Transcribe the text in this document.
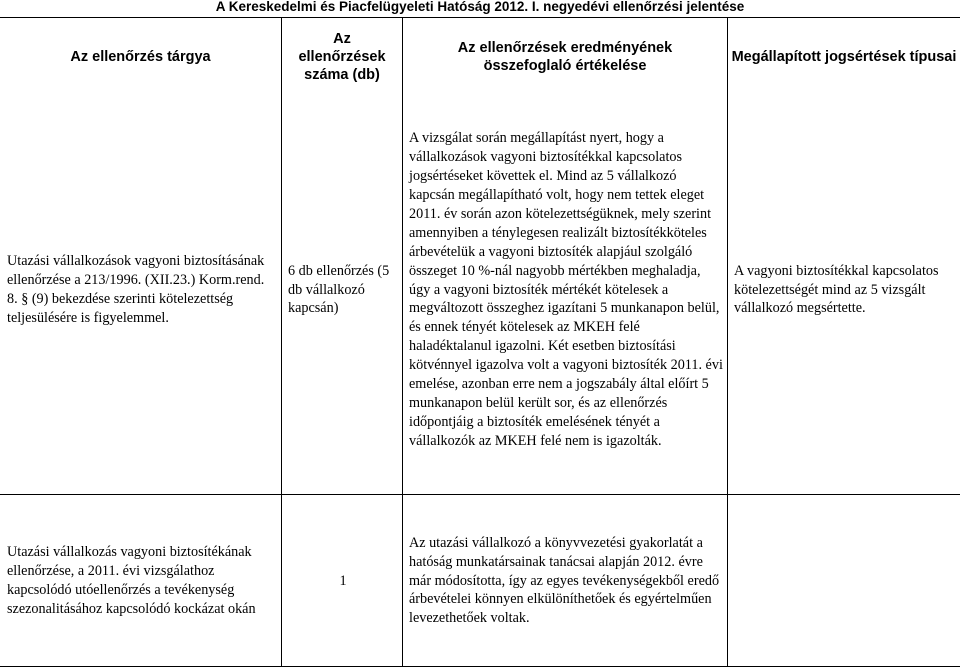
A Kereskedelmi és Piacfelügyeleti Hatóság 2012. I. negyedévi ellenőrzési jelentése
Az ellenőrzés tárgya
Az ellenőrzések száma (db)
Az ellenőrzések eredményének összefoglaló értékelése
Megállapított jogsértések típusai
Utazási vállalkozások vagyoni biztosításának ellenőrzése a 213/1996. (XII.23.) Korm.rend. 8. § (9) bekezdése szerinti kötelezettség teljesülésére is figyelemmel.
6 db ellenőrzés (5 db vállalkozó kapcsán)
A vizsgálat során megállapítást nyert, hogy a vállalkozások vagyoni biztosítékkal kapcsolatos jogsértéseket követtek el. Mind az 5 vállalkozó kapcsán megállapítható volt, hogy nem tettek eleget 2011. év során azon kötelezettségüknek, mely szerint amennyiben a ténylegesen realizált biztosítékköteles árbevételük a vagyoni biztosíték alapjául szolgáló összeget 10 %-nál nagyobb mértékben meghaladja, úgy a vagyoni biztosíték mértékét kötelesek a megváltozott összeghez igazítani 5 munkanapon belül, és ennek tényét kötelesek az MKEH felé haladéktalanul igazolni. Két esetben biztosítási kötvénnyel igazolva volt a vagyoni biztosíték 2011. évi emelése, azonban erre nem a jogszabály által előírt 5 munkanapon belül került sor, és az ellenőrzés időpontjáig a biztosíték emelésének tényét a vállalkozók az MKEH felé nem is igazolták.
A vagyoni biztosítékkal kapcsolatos kötelezettségét mind az 5 vizsgált vállalkozó megsértette.
Utazási vállalkozás vagyoni biztosítékának ellenőrzése, a 2011. évi vizsgálathoz kapcsolódó utóellenőrzés a tevékenység szezonalitásához kapcsolódó kockázat okán
1
Az utazási vállalkozó a könyvvezetési gyakorlatát a hatóság munkatársainak tanácsai alapján 2012. évre már módosította, így az egyes tevékenységekből eredő árbevételei könnyen elkülöníthetőek és egyértelműen levezethetőek voltak.
